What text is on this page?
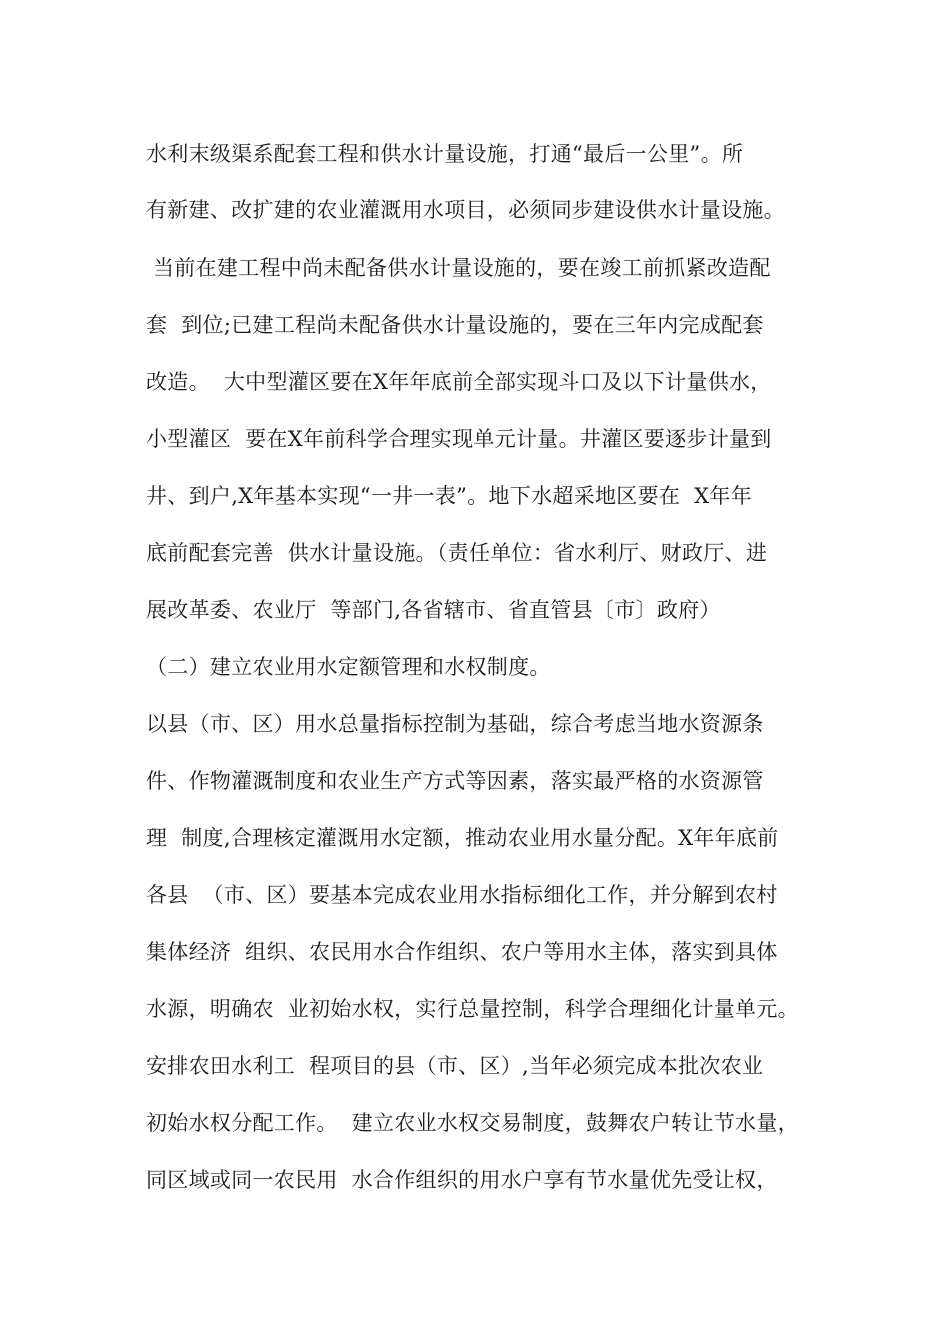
水利末级渠系配套工程和供水计量设施，打通“最后一公里”。所
有新建、改扩建的农业灌溉用水项目，必须同步建设供水计量设施。
当前在建工程中尚未配备供水计量设施的，要在竣工前抓紧改造配
套  到位;已建工程尚未配备供水计量设施的，要在三年内完成配套
改造。  大中型灌区要在X年年底前全部实现斗口及以下计量供水，
小型灌区  要在X年前科学合理实现单元计量。井灌区要逐步计量到
井、到户,X年基本实现“一井一表”。地下水超采地区要在  X年年
底前配套完善  供水计量设施。（责任单位：省水利厅、财政厅、进
展改革委、农业厅  等部门,各省辖市、省直管县〔市〕政府）
（二）建立农业用水定额管理和水权制度。
以县（市、区）用水总量指标控制为基础，综合考虑当地水资源条
件、作物灌溉制度和农业生产方式等因素，落实最严格的水资源管
理  制度,合理核定灌溉用水定额，推动农业用水量分配。X年年底前
各县  （市、区）要基本完成农业用水指标细化工作，并分解到农村
集体经济  组织、农民用水合作组织、农户等用水主体，落实到具体
水源，明确农  业初始水权，实行总量控制，科学合理细化计量单元。
安排农田水利工  程项目的县（市、区）,当年必须完成本批次农业
初始水权分配工作。  建立农业水权交易制度，鼓舞农户转让节水量，
同区域或同一农民用  水合作组织的用水户享有节水量优先受让权，
